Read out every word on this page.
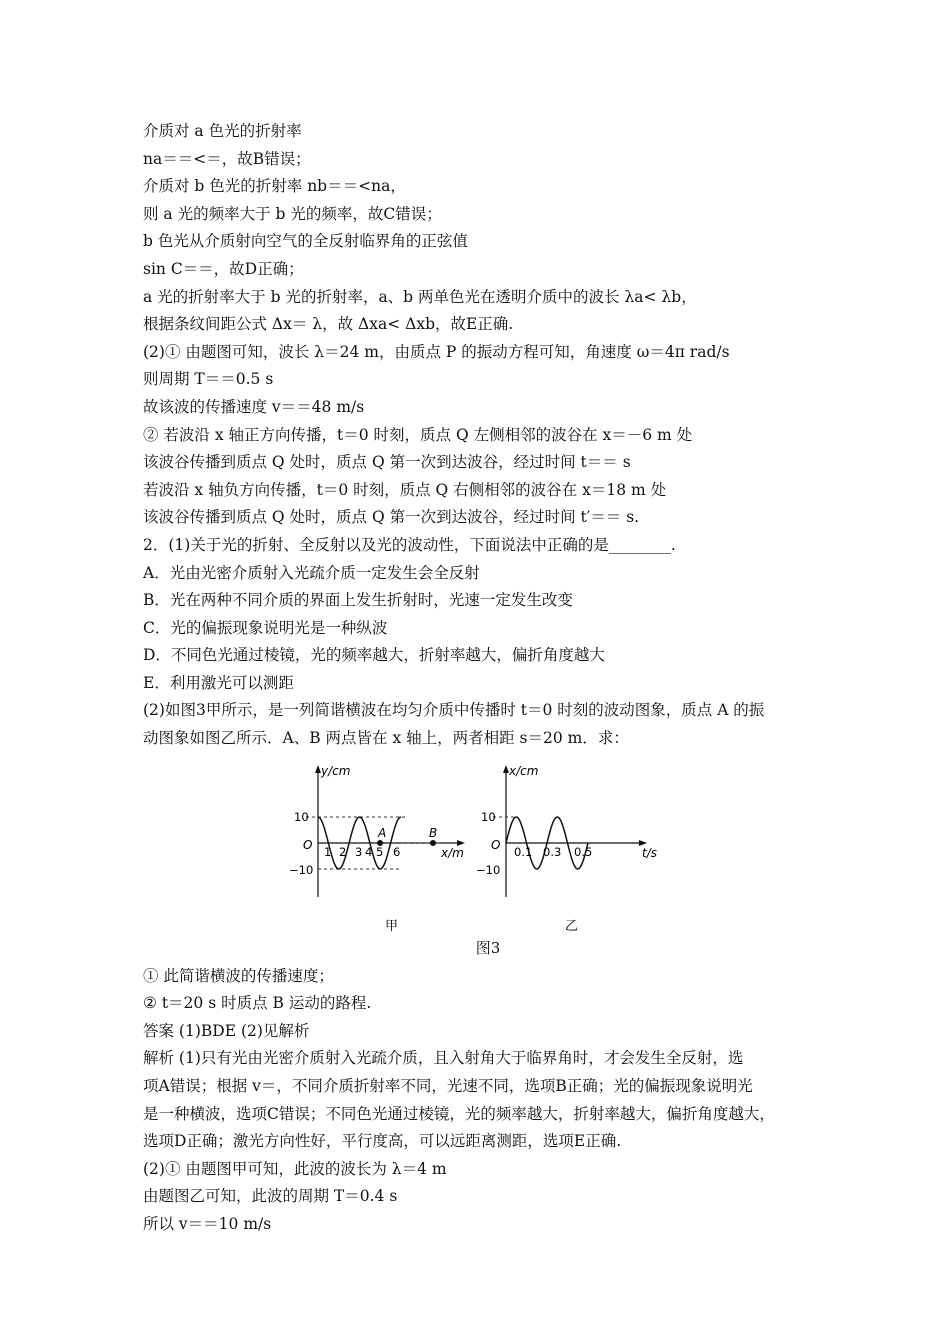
介质对 a 色光的折射率
na＝＝<＝，故B错误；
介质对 b 色光的折射率 nb＝＝<na，
则 a 光的频率大于 b 光的频率，故C错误；
b 色光从介质射向空气的全反射临界角的正弦值
sin C＝＝，故D正确；
a 光的折射率大于 b 光的折射率，a、b 两单色光在透明介质中的波长 λa< λb，
根据条纹间距公式 Δx＝ λ，故 Δxa< Δxb，故E正确.
(2)① 由题图可知，波长 λ＝24 m，由质点 P 的振动方程可知，角速度 ω＝4π rad/s
则周期 T＝＝0.5 s
故该波的传播速度 v＝＝48 m/s
② 若波沿 x 轴正方向传播，t＝0 时刻，质点 Q 左侧相邻的波谷在 x＝－6 m 处
该波谷传播到质点 Q 处时，质点 Q 第一次到达波谷，经过时间 t＝＝ s
若波沿 x 轴负方向传播，t＝0 时刻，质点 Q 右侧相邻的波谷在 x＝18 m 处
该波谷传播到质点 Q 处时，质点 Q 第一次到达波谷，经过时间 t′＝＝ s.
2．(1)关于光的折射、全反射以及光的波动性，下面说法中正确的是________.
A．光由光密介质射入光疏介质一定发生会全反射
B．光在两种不同介质的界面上发生折射时，光速一定发生改变
C．光的偏振现象说明光是一种纵波
D．不同色光通过棱镜，光的频率越大，折射率越大，偏折角度越大
E．利用激光可以测距
(2)如图3甲所示，是一列简谐横波在均匀介质中传播时 t＝0 时刻的波动图象，质点 A 的振
动图象如图乙所示．A、B 两点皆在 x 轴上，两者相距 s＝20 m．求：
y/cm
x/m
O
10
−10
1 2 3 4 5 6
A	B
甲
x/cm
t/s
O
10
−10
0.1 0.3 0.5
乙
图3
① 此简谐横波的传播速度；
② t＝20 s 时质点 B 运动的路程.
答案 (1)BDE (2)见解析
解析 (1)只有光由光密介质射入光疏介质，且入射角大于临界角时，才会发生全反射，选
项A错误；根据 v＝，不同介质折射率不同，光速不同，选项B正确；光的偏振现象说明光
是一种横波，选项C错误；不同色光通过棱镜，光的频率越大，折射率越大，偏折角度越大，
选项D正确；激光方向性好，平行度高，可以远距离测距，选项E正确.
(2)① 由题图甲可知，此波的波长为 λ＝4 m
由题图乙可知，此波的周期 T＝0.4 s
所以 v＝＝10 m/s
